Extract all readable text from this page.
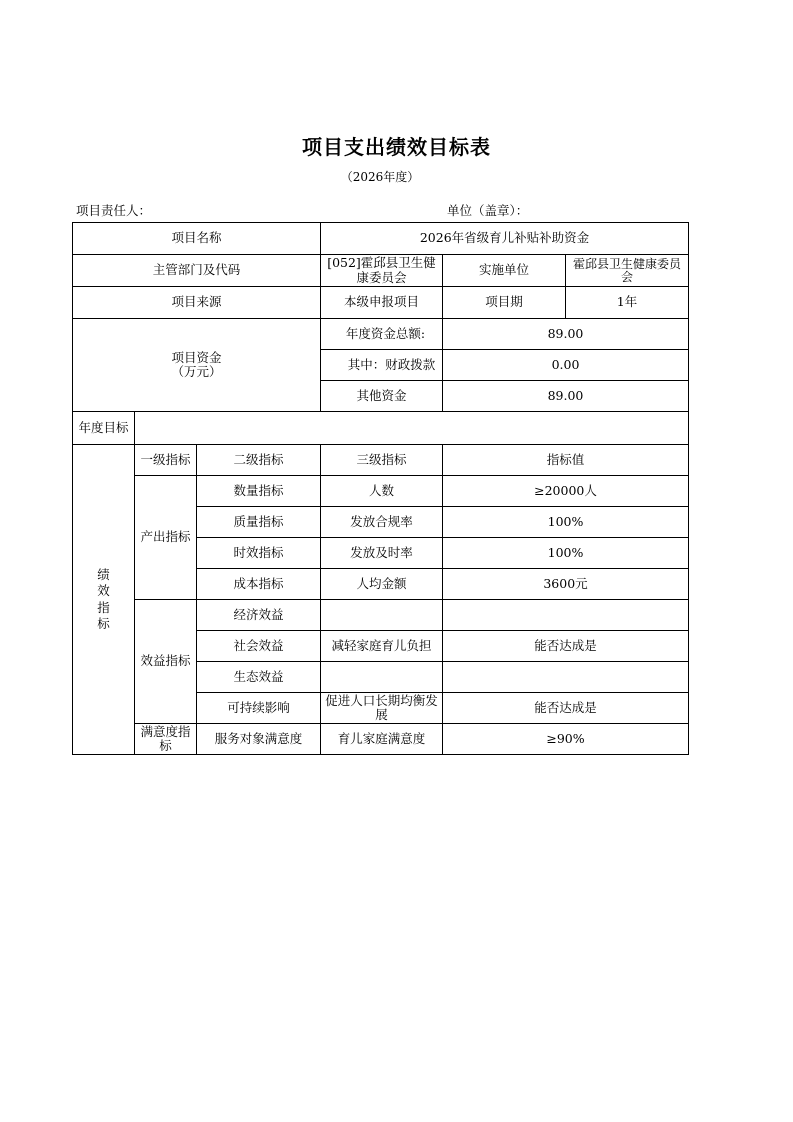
项目支出绩效目标表
（2026年度）
项目责任人：	单位（盖章）：
项目名称			2026年省级育儿补贴补助资金		
主管部门及代码			[052]霍邱县卫生健康委员会	实施单位	霍邱县卫生健康委员会
项目来源			本级申报项目	项目期	1年

项目资金
（万元）			年度资金总额:	89.00	
			其中：财政拨款	0.00	
			其他资金	89.00	
年度目标					
绩效指标	一级指标	二级指标	三级指标	指标值	
	产出指标	数量指标	人数	≥20000人	
		质量指标	发放合规率	100%	
		时效指标	发放及时率	100%	
		成本指标	人均金额	3600元	
	效益指标	经济效益			
		社会效益	减轻家庭育儿负担	能否达成是	
		生态效益			
		可持续影响	促进人口长期均衡发展	能否达成是	
	满意度指标	服务对象满意度	育儿家庭满意度	≥90%	
